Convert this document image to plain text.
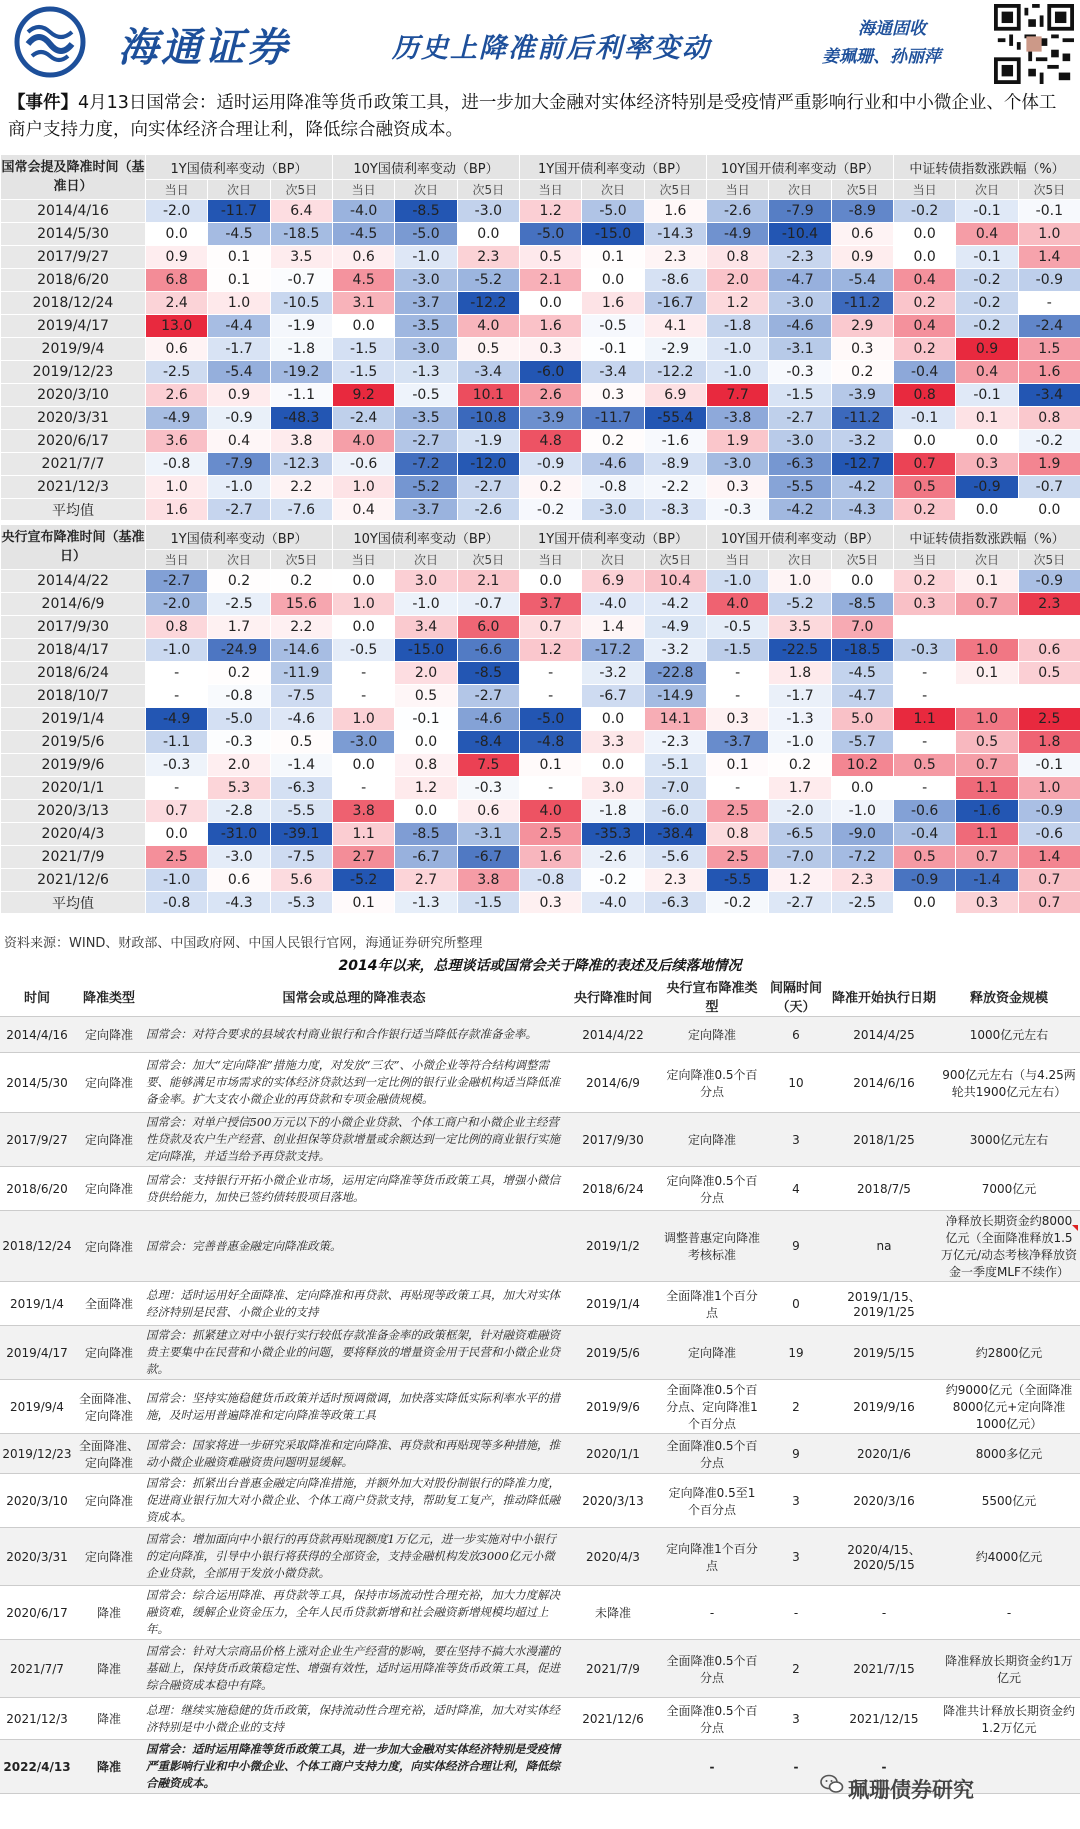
海通证券	历史上降准前后利率变动
海通固收
姜珮珊、孙丽萍
【事件】4月13日国常会：适时运用降准等货币政策工具，进一步加大金融对实体经济特别是受疫情严重影响行业和中小微企业、个体工商户支持力度，向实体经济合理让利，降低综合融资成本。
国常会提及降准时间（基准日）	1Y国债利率变动（BP）			10Y国债利率变动（BP）			1Y国开债利率变动（BP）			10Y国开债利率变动（BP）			中证转债指数涨跌幅（%）		
	当日	次日	次5日	当日	次日	次5日	当日	次日	次5日	当日	次日	次5日	当日	次日	次5日
2014/4/16	-2.0	-11.7	6.4	-4.0	-8.5	-3.0	1.2	-5.0	1.6	-2.6	-7.9	-8.9	-0.2	-0.1	-0.1
2014/5/30	0.0	-4.5	-18.5	-4.5	-5.0	0.0	-5.0	-15.0	-14.3	-4.9	-10.4	0.6	0.0	0.4	1.0
2017/9/27	0.9	0.1	3.5	0.6	-1.0	2.3	0.5	0.1	2.3	0.8	-2.3	0.9	0.0	-0.1	1.4
2018/6/20	6.8	0.1	-0.7	4.5	-3.0	-5.2	2.1	0.0	-8.6	2.0	-4.7	-5.4	0.4	-0.2	-0.9
2018/12/24	2.4	1.0	-10.5	3.1	-3.7	-12.2	0.0	1.6	-16.7	1.2	-3.0	-11.2	0.2	-0.2	-
2019/4/17	13.0	-4.4	-1.9	0.0	-3.5	4.0	1.6	-0.5	4.1	-1.8	-4.6	2.9	0.4	-0.2	-2.4
2019/9/4	0.6	-1.7	-1.8	-1.5	-3.0	0.5	0.3	-0.1	-2.9	-1.0	-3.1	0.3	0.2	0.9	1.5
2019/12/23	-2.5	-5.4	-19.2	-1.5	-1.3	-3.4	-6.0	-3.4	-12.2	-1.0	-0.3	0.2	-0.4	0.4	1.6
2020/3/10	2.6	0.9	-1.1	9.2	-0.5	10.1	2.6	0.3	6.9	7.7	-1.5	-3.9	0.8	-0.1	-3.4
2020/3/31	-4.9	-0.9	-48.3	-2.4	-3.5	-10.8	-3.9	-11.7	-55.4	-3.8	-2.7	-11.2	-0.1	0.1	0.8
2020/6/17	3.6	0.4	3.8	4.0	-2.7	-1.9	4.8	0.2	-1.6	1.9	-3.0	-3.2	0.0	0.0	-0.2
2021/7/7	-0.8	-7.9	-12.3	-0.6	-7.2	-12.0	-0.9	-4.6	-8.9	-3.0	-6.3	-12.7	0.7	0.3	1.9
2021/12/3	1.0	-1.0	2.2	1.0	-5.2	-2.7	0.2	-0.8	-2.2	0.3	-5.5	-4.2	0.5	-0.9	-0.7
平均值	1.6	-2.7	-7.6	0.4	-3.7	-2.6	-0.2	-3.0	-8.3	-0.3	-4.2	-4.3	0.2	0.0	0.0
央行宣布降准时间（基准日）	1Y国债利率变动（BP）			10Y国债利率变动（BP）			1Y国开债利率变动（BP）			10Y国开债利率变动（BP）			中证转债指数涨跌幅（%）		
	当日	次日	次5日	当日	次日	次5日	当日	次日	次5日	当日	次日	次5日	当日	次日	次5日
2014/4/22	-2.7	0.2	0.2	0.0	3.0	2.1	0.0	6.9	10.4	-1.0	1.0	0.0	0.2	0.1	-0.9
2014/6/9	-2.0	-2.5	15.6	1.0	-1.0	-0.7	3.7	-4.0	-4.2	4.0	-5.2	-8.5	0.3	0.7	2.3
2017/9/30	0.8	1.7	2.2	0.0	3.4	6.0	0.7	1.4	-4.9	-0.5	3.5	7.0			
2018/4/17	-1.0	-24.9	-14.6	-0.5	-15.0	-6.6	1.2	-17.2	-3.2	-1.5	-22.5	-18.5	-0.3	1.0	0.6
2018/6/24	-	0.2	-11.9	-	2.0	-8.5	-	-3.2	-22.8	-	1.8	-4.5	-	0.1	0.5
2018/10/7	-	-0.8	-7.5	-	0.5	-2.7	-	-6.7	-14.9	-	-1.7	-4.7	-		
2019/1/4	-4.9	-5.0	-4.6	1.0	-0.1	-4.6	-5.0	0.0	14.1	0.3	-1.3	5.0	1.1	1.0	2.5
2019/5/6	-1.1	-0.3	0.5	-3.0	0.0	-8.4	-4.8	3.3	-2.3	-3.7	-1.0	-5.7	-	0.5	1.8
2019/9/6	-0.3	2.0	-1.4	0.0	0.8	7.5	0.1	0.0	-5.1	0.1	0.2	10.2	0.5	0.7	-0.1
2020/1/1	-	5.3	-6.3	-	1.2	-0.3	-	3.0	-7.0	-	1.7	0.0	-	1.1	1.0
2020/3/13	0.7	-2.8	-5.5	3.8	0.0	0.6	4.0	-1.8	-6.0	2.5	-2.0	-1.0	-0.6	-1.6	-0.9
2020/4/3	0.0	-31.0	-39.1	1.1	-8.5	-3.1	2.5	-35.3	-38.4	0.8	-6.5	-9.0	-0.4	1.1	-0.6
2021/7/9	2.5	-3.0	-7.5	2.7	-6.7	-6.7	1.6	-2.6	-5.6	2.5	-7.0	-7.2	0.5	0.7	1.4
2021/12/6	-1.0	0.6	5.6	-5.2	2.7	3.8	-0.8	-0.2	2.3	-5.5	1.2	2.3	-0.9	-1.4	0.7
平均值	-0.8	-4.3	-5.3	0.1	-1.3	-1.5	0.3	-4.0	-6.3	-0.2	-2.7	-2.5	0.0	0.3	0.7
资料来源：WIND、财政部、中国政府网、中国人民银行官网，海通证券研究所整理
2014年以来，总理谈话或国常会关于降准的表述及后续落地情况
时间	降准类型	国常会或总理的降准表态	央行降准时间	央行宣布降准类型	间隔时间（天）	降准开始执行日期	释放资金规模
2014/4/16	定向降准	国常会：对符合要求的县域农村商业银行和合作银行适当降低存款准备金率。	2014/4/22	定向降准	6	2014/4/25	1000亿元左右
2014/5/30	定向降准	国常会：加大“定向降准”措施力度，对发放“三农”、小微企业等符合结构调整需要、能够满足市场需求的实体经济贷款达到一定比例的银行业金融机构适当降低准备金率。扩大支农小微企业的再贷款和专项金融债规模。	2014/6/9	定向降准0.5个百分点	10	2014/6/16	900亿元左右（与4.25两轮共1900亿元左右）
2017/9/27	定向降准	国常会：对单户授信500万元以下的小微企业贷款、个体工商户和小微企业主经营性贷款及农户生产经营、创业担保等贷款增量或余额达到一定比例的商业银行实施定向降准，并适当给予再贷款支持。	2017/9/30	定向降准	3	2018/1/25	3000亿元左右
2018/6/20	定向降准	国常会：支持银行开拓小微企业市场，运用定向降准等货币政策工具，增强小微信贷供给能力，加快已签约债转股项目落地。	2018/6/24	定向降准0.5个百分点	4	2018/7/5	7000亿元
2018/12/24	定向降准	国常会：完善普惠金融定向降准政策。	2019/1/2	调整普惠定向降准考核标准	9	na	净释放长期资金约8000亿元（全面降准释放1.5万亿元/动态考核净释放资金一季度MLF不续作）
2019/1/4	全面降准	总理：适时运用好全面降准、定向降准和再贷款、再贴现等政策工具，加大对实体经济特别是民营、小微企业的支持	2019/1/4	全面降准1个百分点	0	2019/1/15、2019/1/25	
2019/4/17	定向降准	国常会：抓紧建立对中小银行实行较低存款准备金率的政策框架，针对融资难融资贵主要集中在民营和小微企业的问题，要将释放的增量资金用于民营和小微企业贷款。	2019/5/6	定向降准	19	2019/5/15	约2800亿元
2019/9/4	全面降准、定向降准	国常会：坚持实施稳健货币政策并适时预调微调，加快落实降低实际利率水平的措施，及时运用普遍降准和定向降准等政策工具	2019/9/6	全面降准0.5个百分点、定向降准1个百分点	2	2019/9/16	约9000亿元（全面降准8000亿元+定向降准1000亿元）
2019/12/23	全面降准、定向降准	国常会：国家将进一步研究采取降准和定向降准、再贷款和再贴现等多种措施，推动小微企业融资难融资贵问题明显缓解。	2020/1/1	全面降准0.5个百分点	9	2020/1/6	8000多亿元
2020/3/10	定向降准	国常会：抓紧出台普惠金融定向降准措施，并额外加大对股份制银行的降准力度，促进商业银行加大对小微企业、个体工商户贷款支持，帮助复工复产，推动降低融资成本。	2020/3/13	定向降准0.5至1个百分点	3	2020/3/16	5500亿元
2020/3/31	定向降准	国常会：增加面向中小银行的再贷款再贴现额度1万亿元，进一步实施对中小银行的定向降准，引导中小银行将获得的全部资金，支持金融机构发放3000亿元小微企业贷款，全部用于发放小微贷款。	2020/4/3	定向降准1个百分点	3	2020/4/15、2020/5/15	约4000亿元
2020/6/17	降准	国常会：综合运用降准、再贷款等工具，保持市场流动性合理充裕，加大力度解决融资难，缓解企业资金压力，全年人民币贷款新增和社会融资新增规模均超过上年。	未降准	-	-	-	-
2021/7/7	降准	国常会：针对大宗商品价格上涨对企业生产经营的影响，要在坚持不搞大水漫灌的基础上，保持货币政策稳定性、增强有效性，适时运用降准等货币政策工具，促进综合融资成本稳中有降。	2021/7/9	全面降准0.5个百分点	2	2021/7/15	降准释放长期资金约1万亿元
2021/12/3	降准	总理：继续实施稳健的货币政策，保持流动性合理充裕，适时降准，加大对实体经济特别是中小微企业的支持	2021/12/6	全面降准0.5个百分点	3	2021/12/15	降准共计释放长期资金约1.2万亿元
2022/4/13	降准	国常会：适时运用降准等货币政策工具，进一步加大金融对实体经济特别是受疫情严重影响行业和中小微企业、个体工商户支持力度，向实体经济合理让利，降低综合融资成本。		-	-	-	
珮珊债券研究
